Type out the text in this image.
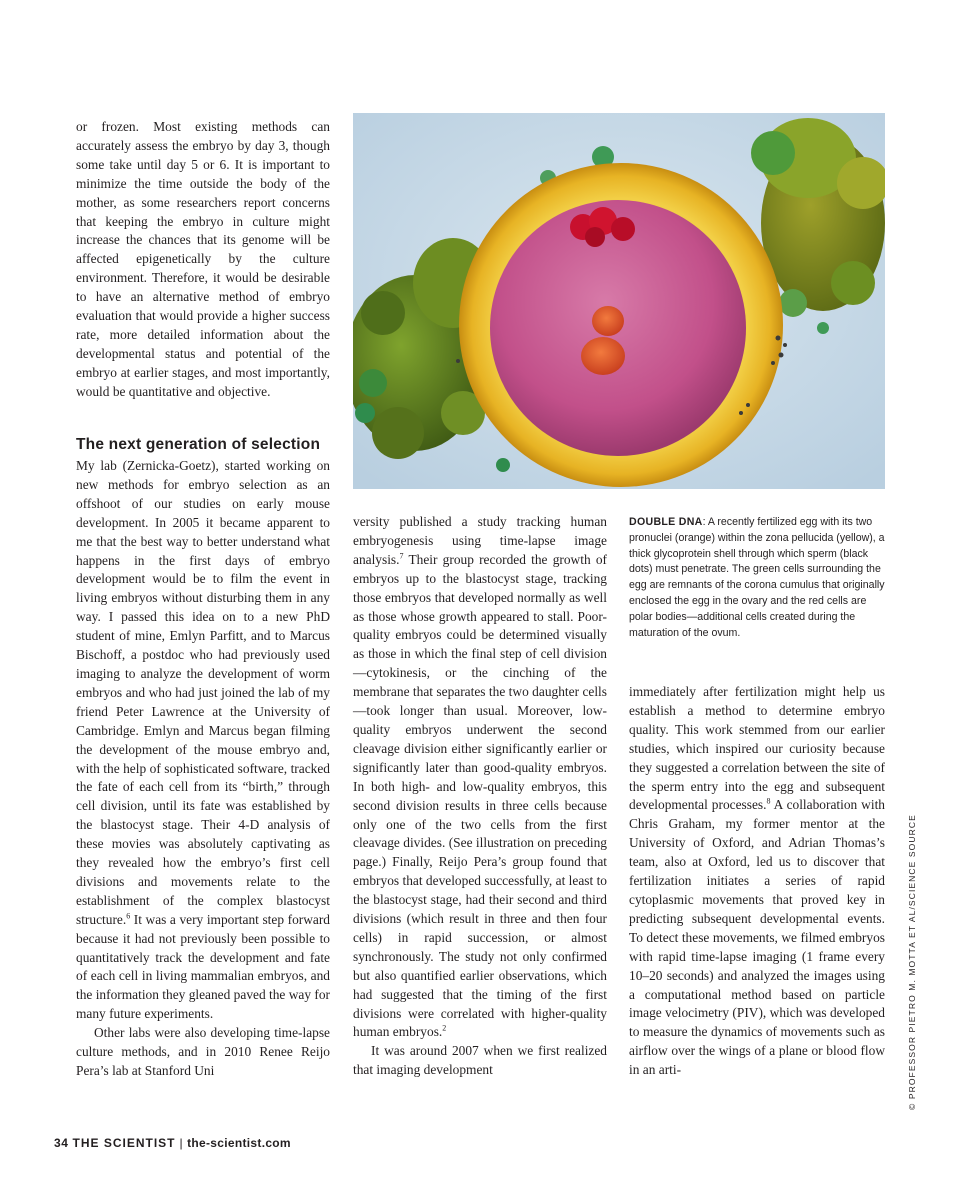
or frozen. Most existing methods can accurately assess the embryo by day 3, though some take until day 5 or 6. It is important to minimize the time outside the body of the mother, as some researchers report concerns that keeping the embryo in culture might increase the chances that its genome will be affected epigenetically by the culture environment. Therefore, it would be desirable to have an alternative method of embryo evaluation that would provide a higher success rate, more detailed information about the developmental status and potential of the embryo at earlier stages, and most importantly, would be quantitative and objective.

The next generation of selection

My lab (Zernicka-Goetz), started working on new methods for embryo selection as an offshoot of our studies on early mouse development. In 2005 it became apparent to me that the best way to better understand what happens in the first days of embryo development would be to film the event in living embryos without disturbing them in any way. I passed this idea on to a new PhD student of mine, Emlyn Parfitt, and to Marcus Bischoff, a postdoc who had previously used imaging to analyze the development of worm embryos and who had just joined the lab of my friend Peter Lawrence at the University of Cambridge. Emlyn and Marcus began filming the development of the mouse embryo and, with the help of sophisticated software, tracked the fate of each cell from its “birth,” through cell division, until its fate was established by the blastocyst stage. Their 4-D analysis of these movies was absolutely captivating as they revealed how the embryo’s first cell divisions and movements relate to the establishment of the complex blastocyst structure.$^6$ It was a very important step forward because it had not previously been possible to quantitatively track the development and fate of each cell in living mammalian embryos, and the information they gleaned paved the way for many future experiments.

Other labs were also developing time-lapse culture methods, and in 2010 Renee Reijo Pera’s lab at Stanford Uni

DOUBLE DNA: A recently fertilized egg with its two pronuclei (orange) within the zona pellucida (yellow), a thick glycoprotein shell through which sperm (black dots) must penetrate. The green cells surrounding the egg are remnants of the corona cumulus that originally enclosed the egg in the ovary and the red cells are polar bodies—additional cells created during the maturation of the ovum.

versity published a study tracking human embryogenesis using time-lapse image analysis.$^7$ Their group recorded the growth of embryos up to the blastocyst stage, tracking those embryos that developed normally as well as those whose growth appeared to stall. Poor-quality embryos could be determined visually as those in which the final step of cell division—cytokinesis, or the cinching of the membrane that separates the two daughter cells—took longer than usual. Moreover, low-quality embryos underwent the second cleavage division either significantly earlier or significantly later than good-quality embryos. In both high- and low-quality embryos, this second division results in three cells because only one of the two cells from the first cleavage divides. (See illustration on preceding page.) Finally, Reijo Pera’s group found that embryos that developed successfully, at least to the blastocyst stage, had their second and third divisions (which result in three and then four cells) in rapid succession, or almost synchronously. The study not only confirmed but also quantified earlier observations, which had suggested that the timing of the first divisions were correlated with higher-quality human embryos.$^2$

It was around 2007 when we first realized that imaging development

immediately after fertilization might help us establish a method to determine embryo quality. This work stemmed from our earlier studies, which inspired our curiosity because they suggested a correlation between the site of the sperm entry into the egg and subsequent developmental processes.$^8$ A collaboration with Chris Graham, my former mentor at the University of Oxford, and Adrian Thomas’s team, also at Oxford, led us to discover that fertilization initiates a series of rapid cytoplasmic movements that proved key in predicting subsequent developmental events. To detect these movements, we filmed embryos with rapid time-lapse imaging (1 frame every 10–20 seconds) and analyzed the images using a computational method based on particle image velocimetry (PIV), which was developed to measure the dynamics of movements such as airflow over the wings of a plane or blood flow in an arti-	© PROFESSOR PIETRO M. MOTTA ET AL/SCIENCE SOURCE
34 THE SCIENTIST | the-scientist.com
